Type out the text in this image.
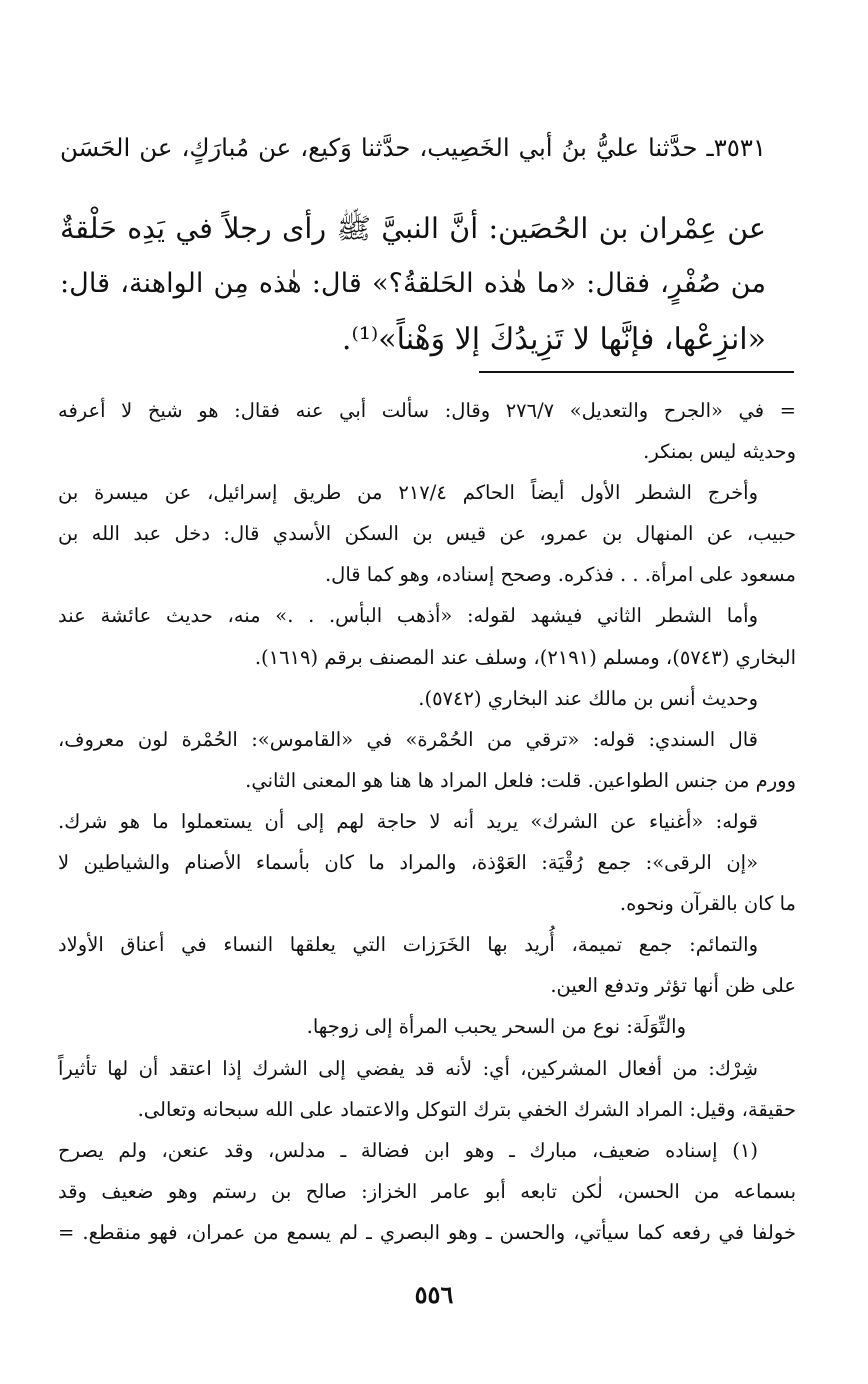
٣٥٣١ـ حدَّثنا عليُّ بنُ أبي الخَصِيب، حدَّثنا وَكيع، عن مُبارَكٍ، عن الحَسَن
عن عِمْران بن الحُصَين: أنَّ النبيَّ ﷺ رأى رجلاً في يَدِه حَلْقةٌ
من صُفْرٍ، فقال: «ما هٰذه الحَلقةُ؟» قال: هٰذه مِن الواهنة، قال:
«انزِعْها، فإنَّها لا تَزِيدُكَ إلا وَهْناً»⁽¹⁾.
= في «الجرح والتعديل» ٢٧٦/٧ وقال: سألت أبي عنه فقال: هو شيخ لا أعرفه
وحديثه ليس بمنكر.
وأخرج الشطر الأول أيضاً الحاكم ٢١٧/٤ من طريق إسرائيل، عن ميسرة بن
حبيب، عن المنهال بن عمرو، عن قيس بن السكن الأسدي قال: دخل عبد الله بن
مسعود على امرأة. . . فذكره. وصحح إسناده، وهو كما قال.
وأما الشطر الثاني فيشهد لقوله: «أذهب البأس. . .» منه، حديث عائشة عند
البخاري (٥٧٤٣)، ومسلم (٢١٩١)، وسلف عند المصنف برقم (١٦١٩).
وحديث أنس بن مالك عند البخاري (٥٧٤٢).
قال السندي: قوله: «ترقي من الحُمْرة» في «القاموس»: الحُمْرة لون معروف،
وورم من جنس الطواعين. قلت: فلعل المراد ها هنا هو المعنى الثاني.
قوله: «أغنياء عن الشرك» يريد أنه لا حاجة لهم إلى أن يستعملوا ما هو شرك.
«إن الرقى»: جمع رُقْيَة: العَوْذة، والمراد ما كان بأسماء الأصنام والشياطين لا
ما كان بالقرآن ونحوه.
والتمائم: جمع تميمة، أُريد بها الخَرَزات التي يعلقها النساء في أعناق الأولاد
على ظن أنها تؤثر وتدفع العين.
والتِّوَلَة: نوع من السحر يحبب المرأة إلى زوجها.
شِرْك: من أفعال المشركين، أي: لأنه قد يفضي إلى الشرك إذا اعتقد أن لها تأثيراً
حقيقة، وقيل: المراد الشرك الخفي بترك التوكل والاعتماد على الله سبحانه وتعالى.
(١) إسناده ضعيف، مبارك ـ وهو ابن فضالة ـ مدلس، وقد عنعن، ولم يصرح
بسماعه من الحسن، لٰكن تابعه أبو عامر الخزاز: صالح بن رستم وهو ضعيف وقد
خولفا في رفعه كما سيأتي، والحسن ـ وهو البصري ـ لم يسمع من عمران، فهو منقطع. =
٥٥٦
